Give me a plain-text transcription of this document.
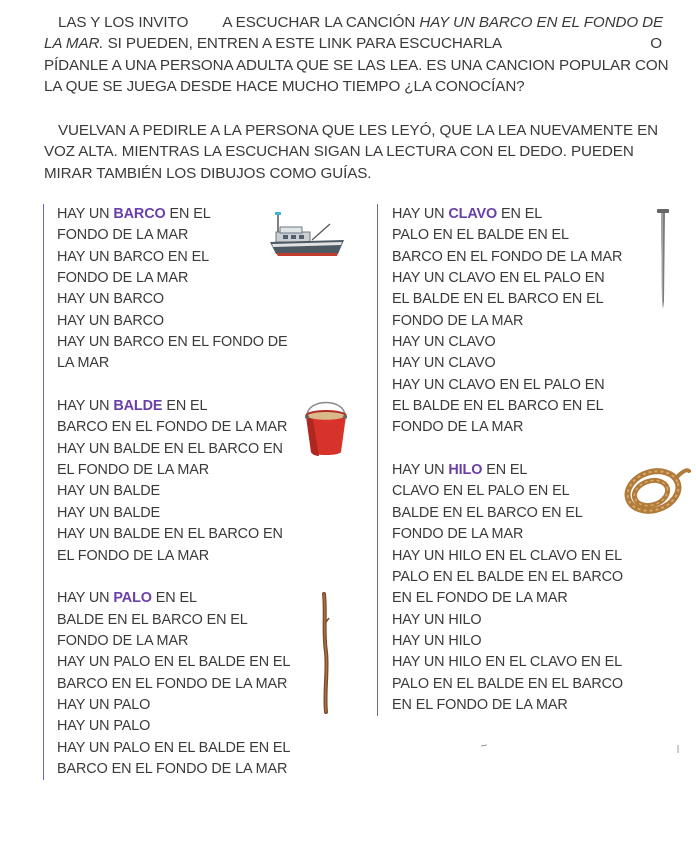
LAS Y LOS INVITO A ESCUCHAR LA CANCIÓN HAY UN BARCO EN EL FONDO DE
LA MAR. SI PUEDEN, ENTREN A ESTE LINK PARA ESCUCHARLA	O
PÍDANLE A UNA PERSONA ADULTA QUE SE LAS LEA. ES UNA CANCION POPULAR CON
LA QUE SE JUEGA DESDE HACE MUCHO TIEMPO ¿LA CONOCÍAN?
VUELVAN A PEDIRLE A LA PERSONA QUE LES LEYÓ, QUE LA LEA NUEVAMENTE EN
VOZ ALTA. MIENTRAS LA ESCUCHAN SIGAN LA LECTURA CON EL DEDO. PUEDEN
MIRAR TAMBIÉN LOS DIBUJOS COMO GUÍAS.
HAY UN BARCO EN EL
FONDO DE LA MAR
HAY UN BARCO EN EL
FONDO DE LA MAR
HAY UN BARCO
HAY UN BARCO
HAY UN BARCO EN EL FONDO DE
LA MAR
HAY UN BALDE EN EL
BARCO EN EL FONDO DE LA MAR
HAY UN BALDE EN EL BARCO EN
EL FONDO DE LA MAR
HAY UN BALDE
HAY UN BALDE
HAY UN BALDE EN EL BARCO EN
EL FONDO DE LA MAR
HAY UN PALO EN EL
BALDE EN EL BARCO EN EL
FONDO DE LA MAR
HAY UN PALO EN EL BALDE EN EL
BARCO EN EL FONDO DE LA MAR
HAY UN PALO
HAY UN PALO
HAY UN PALO EN EL BALDE EN EL
BARCO EN EL FONDO DE LA MAR
HAY UN CLAVO EN EL
PALO EN EL BALDE EN EL
BARCO EN EL FONDO DE LA MAR
HAY UN CLAVO EN EL PALO EN
EL BALDE EN EL BARCO EN EL
FONDO DE LA MAR
HAY UN CLAVO
HAY UN CLAVO
HAY UN CLAVO EN EL PALO EN
EL BALDE EN EL BARCO EN EL
FONDO DE LA MAR
HAY UN HILO EN EL
CLAVO EN EL PALO EN EL
BALDE EN EL BARCO EN EL
FONDO DE LA MAR
HAY UN HILO EN EL CLAVO EN EL
PALO EN EL BALDE EN EL BARCO
EN EL FONDO DE LA MAR
HAY UN HILO
HAY UN HILO
HAY UN HILO EN EL CLAVO EN EL
PALO EN EL BALDE EN EL BARCO
EN EL FONDO DE LA MAR
